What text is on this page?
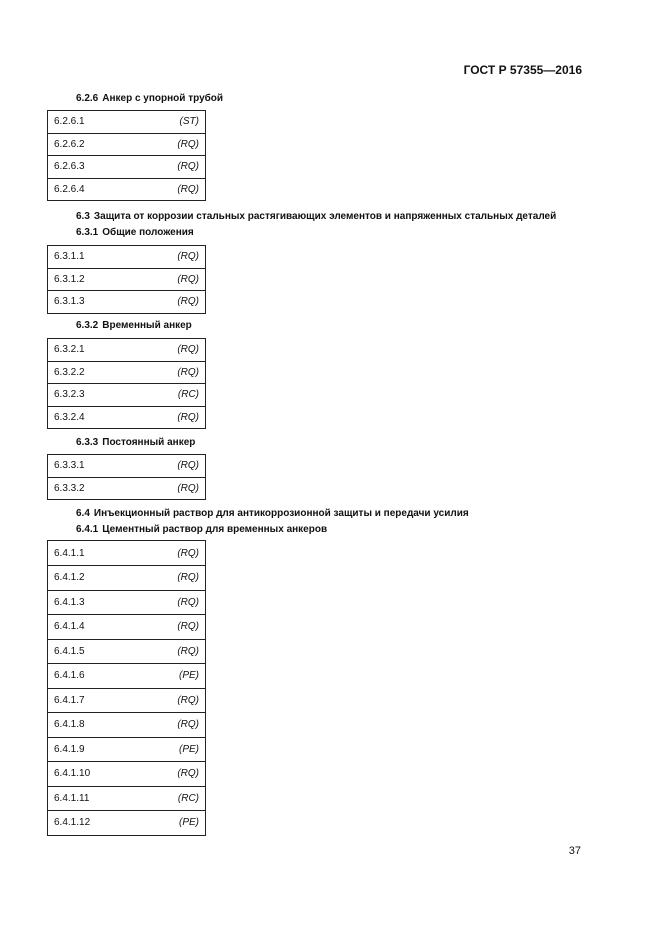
ГОСТ Р 57355—2016
6.2.6 Анкер с упорной трубой
6.2.6.1	(ST)
6.2.6.2	(RQ)
6.2.6.3	(RQ)
6.2.6.4	(RQ)
6.3 Защита от коррозии стальных растягивающих элементов и напряженных стальных деталей
6.3.1 Общие положения
6.3.1.1	(RQ)
6.3.1.2	(RQ)
6.3.1.3	(RQ)
6.3.2 Временный анкер
6.3.2.1	(RQ)
6.3.2.2	(RQ)
6.3.2.3	(RC)
6.3.2.4	(RQ)
6.3.3 Постоянный анкер
6.3.3.1	(RQ)
6.3.3.2	(RQ)
6.4 Инъекционный раствор для антикоррозионной защиты и передачи усилия
6.4.1 Цементный раствор для временных анкеров
6.4.1.1	(RQ)
6.4.1.2	(RQ)
6.4.1.3	(RQ)
6.4.1.4	(RQ)
6.4.1.5	(RQ)
6.4.1.6	(PE)
6.4.1.7	(RQ)
6.4.1.8	(RQ)
6.4.1.9	(PE)
6.4.1.10	(RQ)
6.4.1.11	(RC)
6.4.1.12	(PE)
37
